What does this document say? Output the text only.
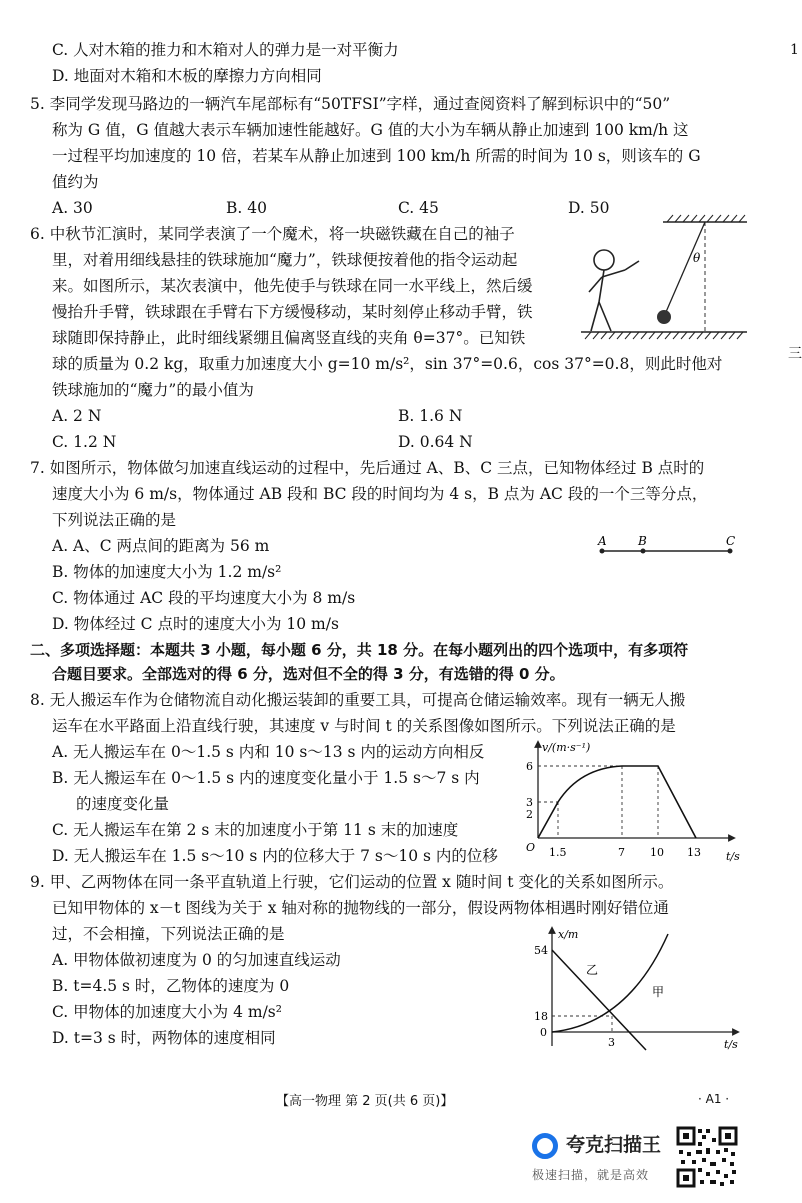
C. 人对木箱的推力和木箱对人的弹力是一对平衡力
D. 地面对木箱和木板的摩擦力方向相同
5. 李同学发现马路边的一辆汽车尾部标有“50TFSI”字样，通过查阅资料了解到标识中的“50”
称为 G 值，G 值越大表示车辆加速性能越好。G 值的大小为车辆从静止加速到 100 km/h 这
一过程平均加速度的 10 倍，若某车从静止加速到 100 km/h 所需的时间为 10 s，则该车的 G
值约为
A. 30	B. 40	C. 45	D. 50
6. 中秋节汇演时，某同学表演了一个魔术，将一块磁铁藏在自己的袖子
里，对着用细线悬挂的铁球施加“魔力”，铁球便按着他的指令运动起
来。如图所示，某次表演中，他先使手与铁球在同一水平线上，然后缓
慢抬升手臂，铁球跟在手臂右下方缓慢移动，某时刻停止移动手臂，铁
球随即保持静止，此时细线紧绷且偏离竖直线的夹角 θ=37°。已知铁
球的质量为 0.2 kg，取重力加速度大小 g=10 m/s²，sin 37°=0.6，cos 37°=0.8，则此时他对
铁球施加的“魔力”的最小值为
A. 2 N	B. 1.6 N
C. 1.2 N	D. 0.64 N
θ
7. 如图所示，物体做匀加速直线运动的过程中，先后通过 A、B、C 三点，已知物体经过 B 点时的
速度大小为 6 m/s，物体通过 AB 段和 BC 段的时间均为 4 s，B 点为 AC 段的一个三等分点，
下列说法正确的是
A. A、C 两点间的距离为 56 m
B. 物体的加速度大小为 1.2 m/s²
C. 物体通过 AC 段的平均速度大小为 8 m/s
D. 物体经过 C 点时的速度大小为 10 m/s
A	B	C
二、多项选择题：本题共 3 小题，每小题 6 分，共 18 分。在每小题列出的四个选项中，有多项符
合题目要求。全部选对的得 6 分，选对但不全的得 3 分，有选错的得 0 分。
8. 无人搬运车作为仓储物流自动化搬运装卸的重要工具，可提高仓储运输效率。现有一辆无人搬
运车在水平路面上沿直线行驶，其速度 v 与时间 t 的关系图像如图所示。下列说法正确的是
A. 无人搬运车在 0～1.5 s 内和 10 s～13 s 内的运动方向相反
B. 无人搬运车在 0～1.5 s 内的速度变化量小于 1.5 s～7 s 内
的速度变化量
C. 无人搬运车在第 2 s 末的加速度小于第 11 s 末的加速度
D. 无人搬运车在 1.5 s～10 s 内的位移大于 7 s～10 s 内的位移
v/(m·s⁻¹)
t/s
O
6
3
2
1.5	7 10 13
9. 甲、乙两物体在同一条平直轨道上行驶，它们运动的位置 x 随时间 t 变化的关系如图所示。
已知甲物体的 x－t 图线为关于 x 轴对称的抛物线的一部分，假设两物体相遇时刚好错位通
过，不会相撞，下列说法正确的是
A. 甲物体做初速度为 0 的匀加速直线运动
B. t=4.5 s 时，乙物体的速度为 0
C. 甲物体的加速度大小为 4 m/s²
D. t=3 s 时，两物体的速度相同
x/m
t/s
0
54
18
3
乙
甲
【高一物理 第 2 页(共 6 页)】	· A1 ·
夸克扫描王
极速扫描，就是高效
1
三
